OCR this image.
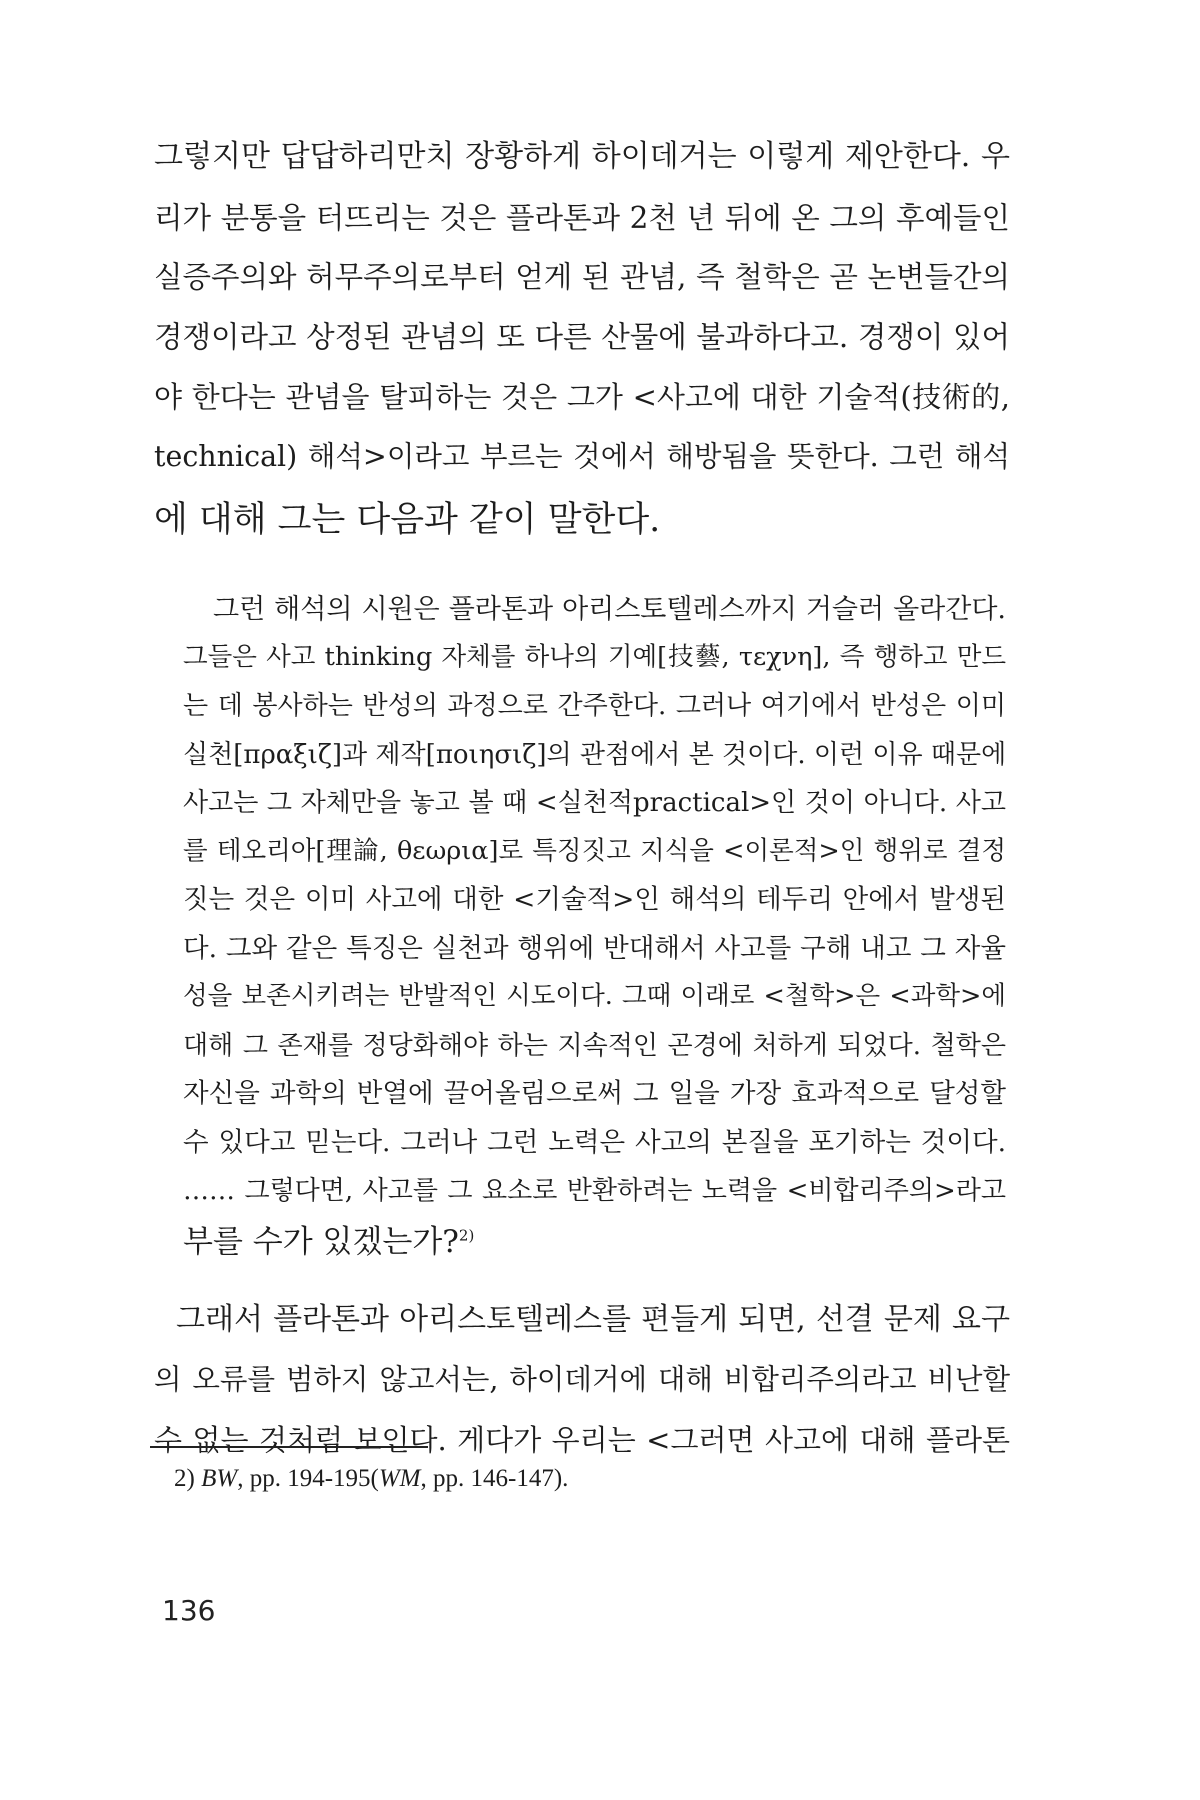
그렇지만 답답하리만치 장황하게 하이데거는 이렇게 제안한다. 우

리가 분통을 터뜨리는 것은 플라톤과 2천 년 뒤에 온 그의 후예들인

실증주의와 허무주의로부터 얻게 된 관념, 즉 철학은 곧 논변들간의

경쟁이라고 상정된 관념의 또 다른 산물에 불과하다고. 경쟁이 있어

야 한다는 관념을 탈피하는 것은 그가 <사고에 대한 기술적(技術的,

technical) 해석>이라고 부르는 것에서 해방됨을 뜻한다. 그런 해석

에 대해 그는 다음과 같이 말한다.

그런 해석의 시원은 플라톤과 아리스토텔레스까지 거슬러 올라간다.

그들은 사고 thinking 자체를 하나의 기예[技藝, τεχνη], 즉 행하고 만드

는 데 봉사하는 반성의 과정으로 간주한다. 그러나 여기에서 반성은 이미

실천[πραξιζ]과 제작[ποιησιζ]의 관점에서 본 것이다. 이런 이유 때문에

사고는 그 자체만을 놓고 볼 때 <실천적practical>인 것이 아니다. 사고

를 테오리아[理論, θεωρια]로 특징짓고 지식을 <이론적>인 행위로 결정

짓는 것은 이미 사고에 대한 <기술적>인 해석의 테두리 안에서 발생된

다. 그와 같은 특징은 실천과 행위에 반대해서 사고를 구해 내고 그 자율

성을 보존시키려는 반발적인 시도이다. 그때 이래로 <철학>은 <과학>에

대해 그 존재를 정당화해야 하는 지속적인 곤경에 처하게 되었다. 철학은

자신을 과학의 반열에 끌어올림으로써 그 일을 가장 효과적으로 달성할

수 있다고 믿는다. 그러나 그런 노력은 사고의 본질을 포기하는 것이다.

…… 그렇다면, 사고를 그 요소로 반환하려는 노력을 <비합리주의>라고

부를 수가 있겠는가?$^{2)}$

그래서 플라톤과 아리스토텔레스를 편들게 되면, 선결 문제 요구

의 오류를 범하지 않고서는, 하이데거에 대해 비합리주의라고 비난할

수 없는 것처럼 보인다. 게다가 우리는 <그러면 사고에 대해 플라톤

2) BW, pp. 194-195(WM, pp. 146-147).
136
